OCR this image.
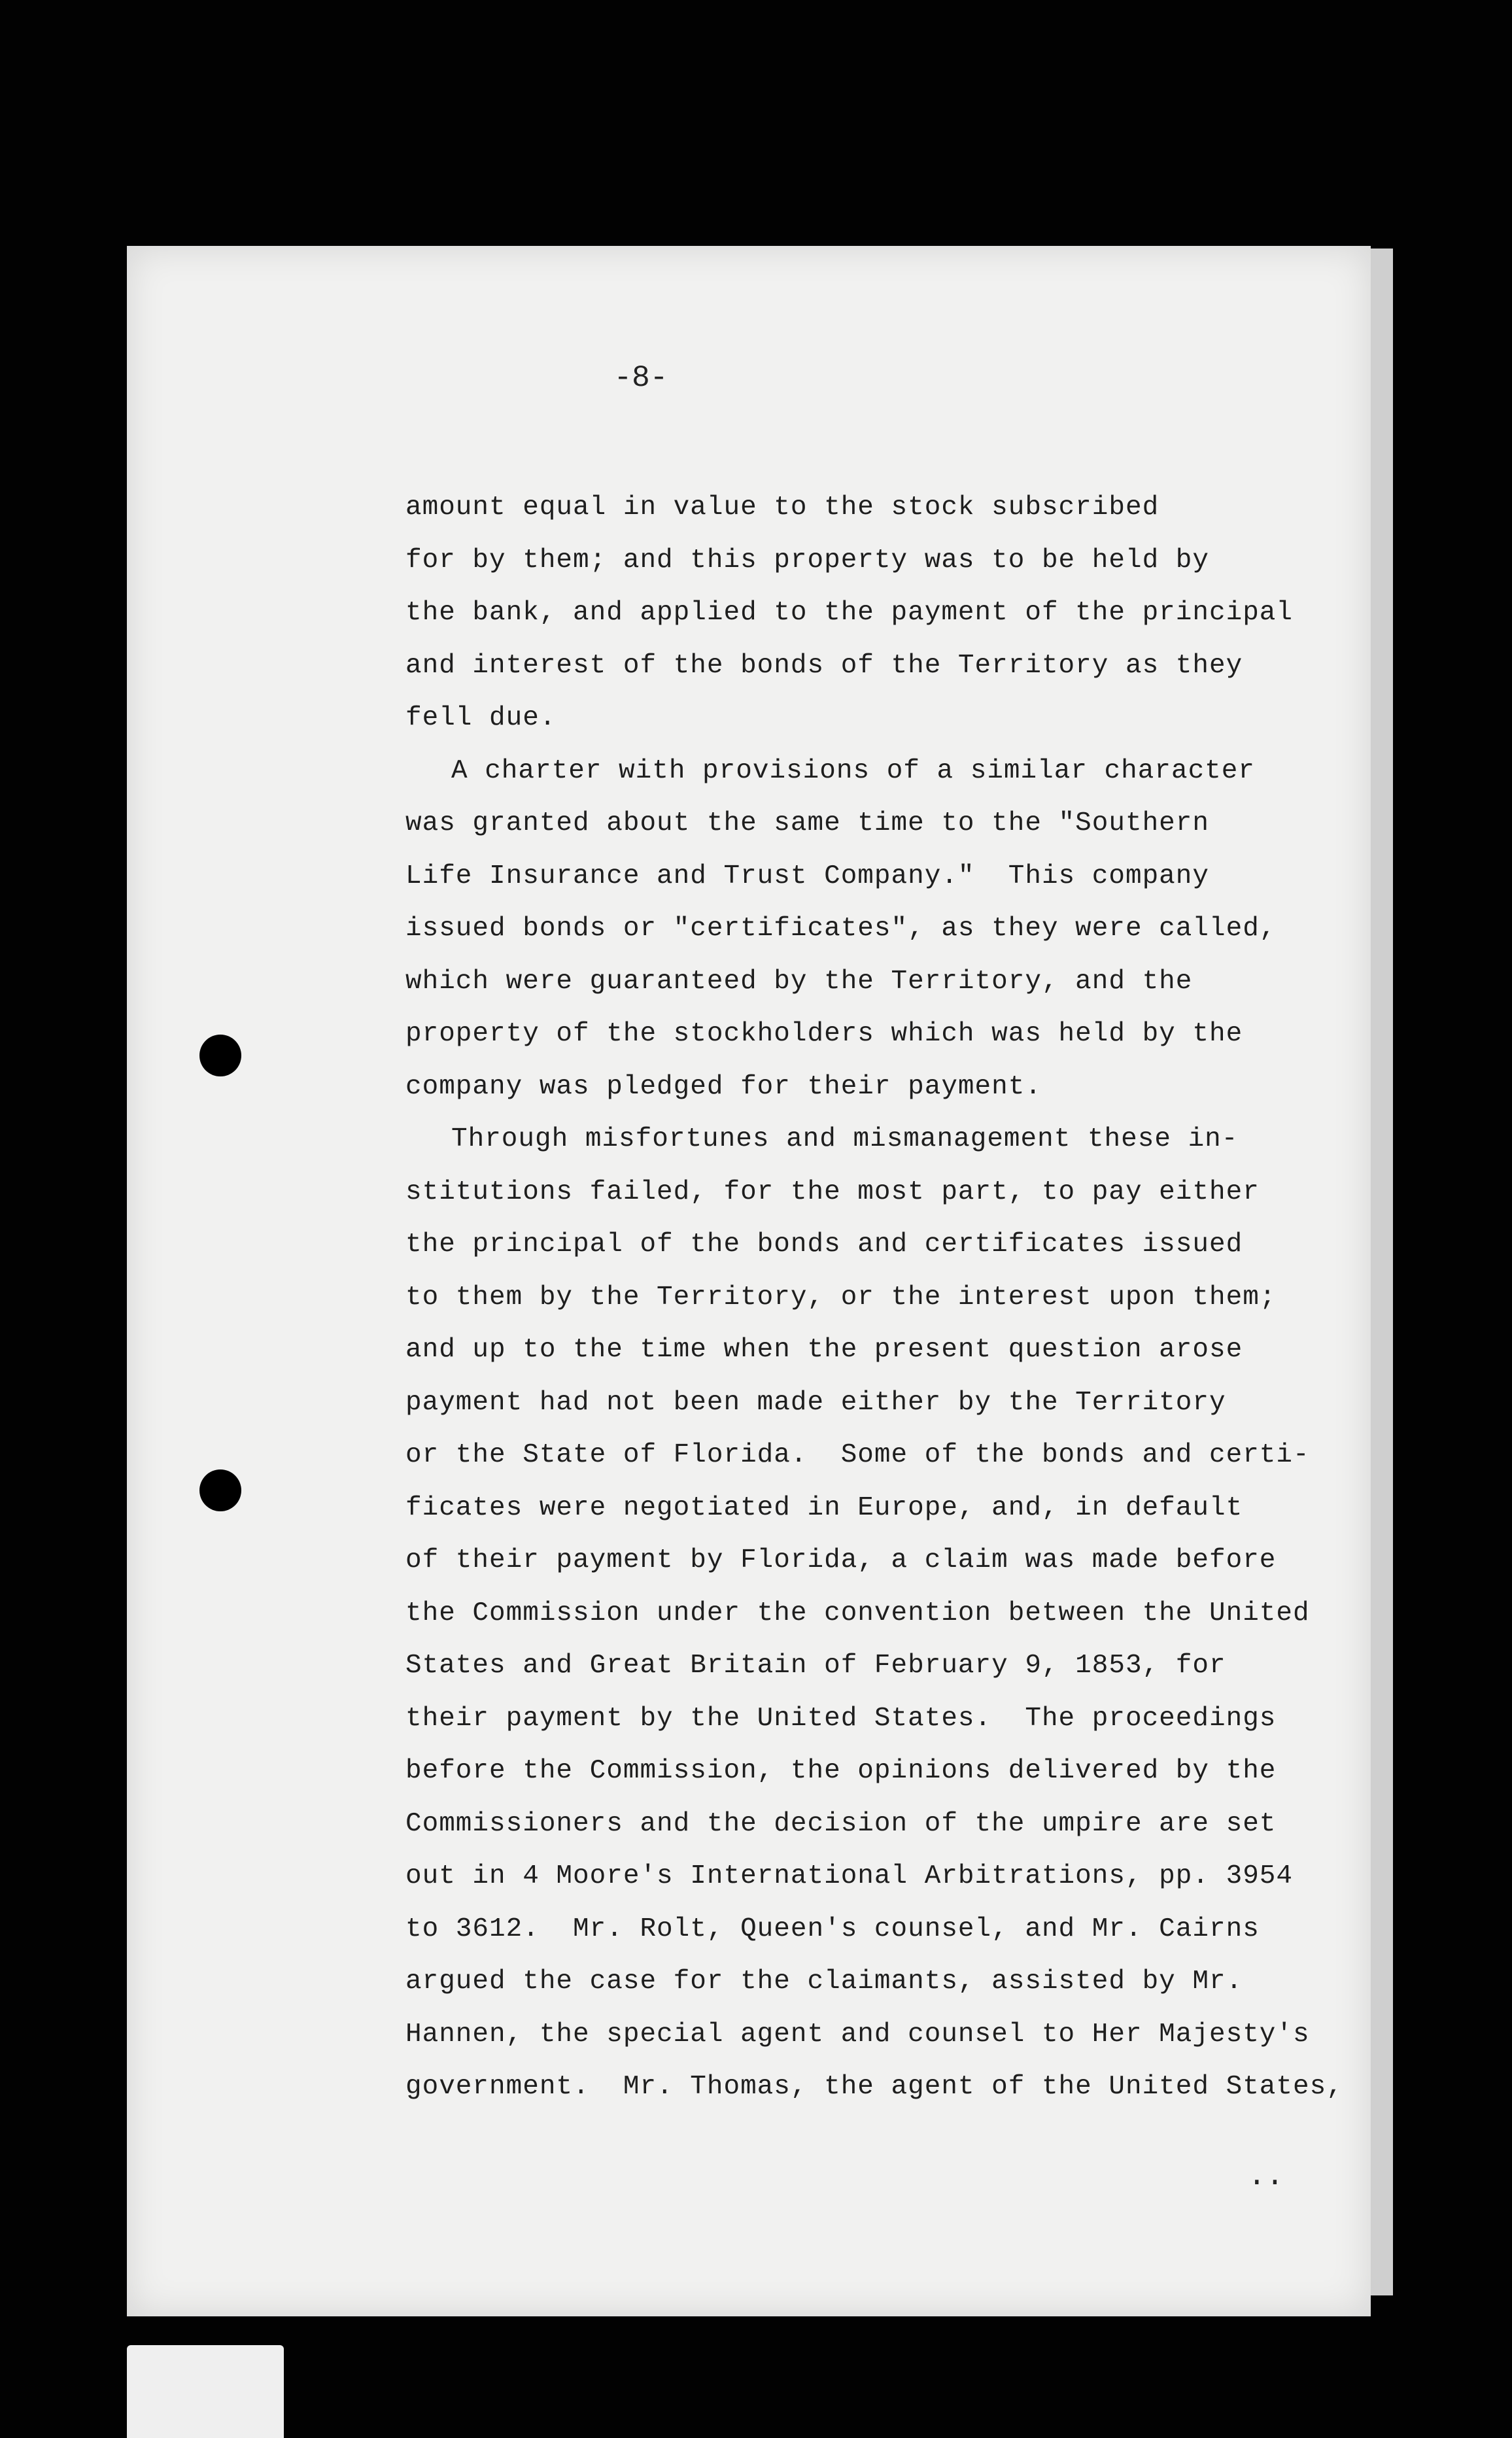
-8-
amount equal in value to the stock subscribed
for by them; and this property was to be held by
the bank, and applied to the payment of the principal
and interest of the bonds of the Territory as they
fell due.
A charter with provisions of a similar character
was granted about the same time to the "Southern
Life Insurance and Trust Company."  This company
issued bonds or "certificates", as they were called,
which were guaranteed by the Territory, and the
property of the stockholders which was held by the
company was pledged for their payment.
Through misfortunes and mismanagement these in-
stitutions failed, for the most part, to pay either
the principal of the bonds and certificates issued
to them by the Territory, or the interest upon them;
and up to the time when the present question arose
payment had not been made either by the Territory
or the State of Florida.  Some of the bonds and certi-
ficates were negotiated in Europe, and, in default
of their payment by Florida, a claim was made before
the Commission under the convention between the United
States and Great Britain of February 9, 1853, for
their payment by the United States.  The proceedings
before the Commission, the opinions delivered by the
Commissioners and the decision of the umpire are set
out in 4 Moore's International Arbitrations, pp. 3954
to 3612.  Mr. Rolt, Queen's counsel, and Mr. Cairns
argued the case for the claimants, assisted by Mr.
Hannen, the special agent and counsel to Her Majesty's
government.  Mr. Thomas, the agent of the United States,
..
